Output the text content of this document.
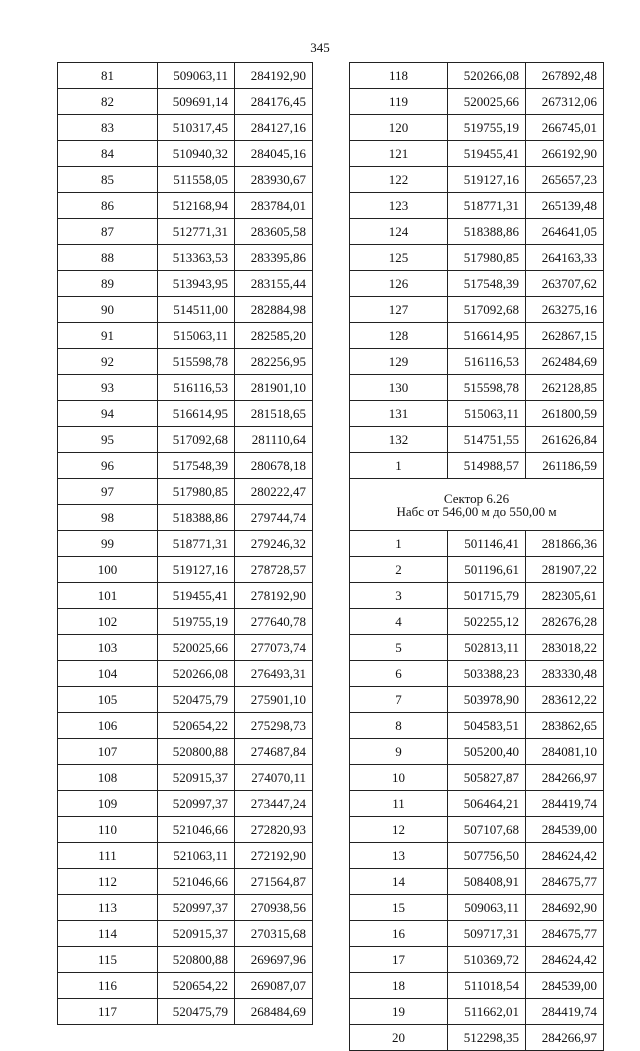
345
81	509063,11	284192,90
82	509691,14	284176,45
83	510317,45	284127,16
84	510940,32	284045,16
85	511558,05	283930,67
86	512168,94	283784,01
87	512771,31	283605,58
88	513363,53	283395,86
89	513943,95	283155,44
90	514511,00	282884,98
91	515063,11	282585,20
92	515598,78	282256,95
93	516116,53	281901,10
94	516614,95	281518,65
95	517092,68	281110,64
96	517548,39	280678,18
97	517980,85	280222,47
98	518388,86	279744,74
99	518771,31	279246,32
100	519127,16	278728,57
101	519455,41	278192,90
102	519755,19	277640,78
103	520025,66	277073,74
104	520266,08	276493,31
105	520475,79	275901,10
106	520654,22	275298,73
107	520800,88	274687,84
108	520915,37	274070,11
109	520997,37	273447,24
110	521046,66	272820,93
111	521063,11	272192,90
112	521046,66	271564,87
113	520997,37	270938,56
114	520915,37	270315,68
115	520800,88	269697,96
116	520654,22	269087,07
117	520475,79	268484,69
118	520266,08	267892,48
119	520025,66	267312,06
120	519755,19	266745,01
121	519455,41	266192,90
122	519127,16	265657,23
123	518771,31	265139,48
124	518388,86	264641,05
125	517980,85	264163,33
126	517548,39	263707,62
127	517092,68	263275,16
128	516614,95	262867,15
129	516116,53	262484,69
130	515598,78	262128,85
131	515063,11	261800,59
132	514751,55	261626,84
1	514988,57	261186,59

Сектор 6.26
Набс от 546,00 м до 550,00 м		

1	501146,41	281866,36
2	501196,61	281907,22
3	501715,79	282305,61
4	502255,12	282676,28
5	502813,11	283018,22
6	503388,23	283330,48
7	503978,90	283612,22
8	504583,51	283862,65
9	505200,40	284081,10
10	505827,87	284266,97
11	506464,21	284419,74
12	507107,68	284539,00
13	507756,50	284624,42
14	508408,91	284675,77
15	509063,11	284692,90
16	509717,31	284675,77
17	510369,72	284624,42
18	511018,54	284539,00
19	511662,01	284419,74
20	512298,35	284266,97
